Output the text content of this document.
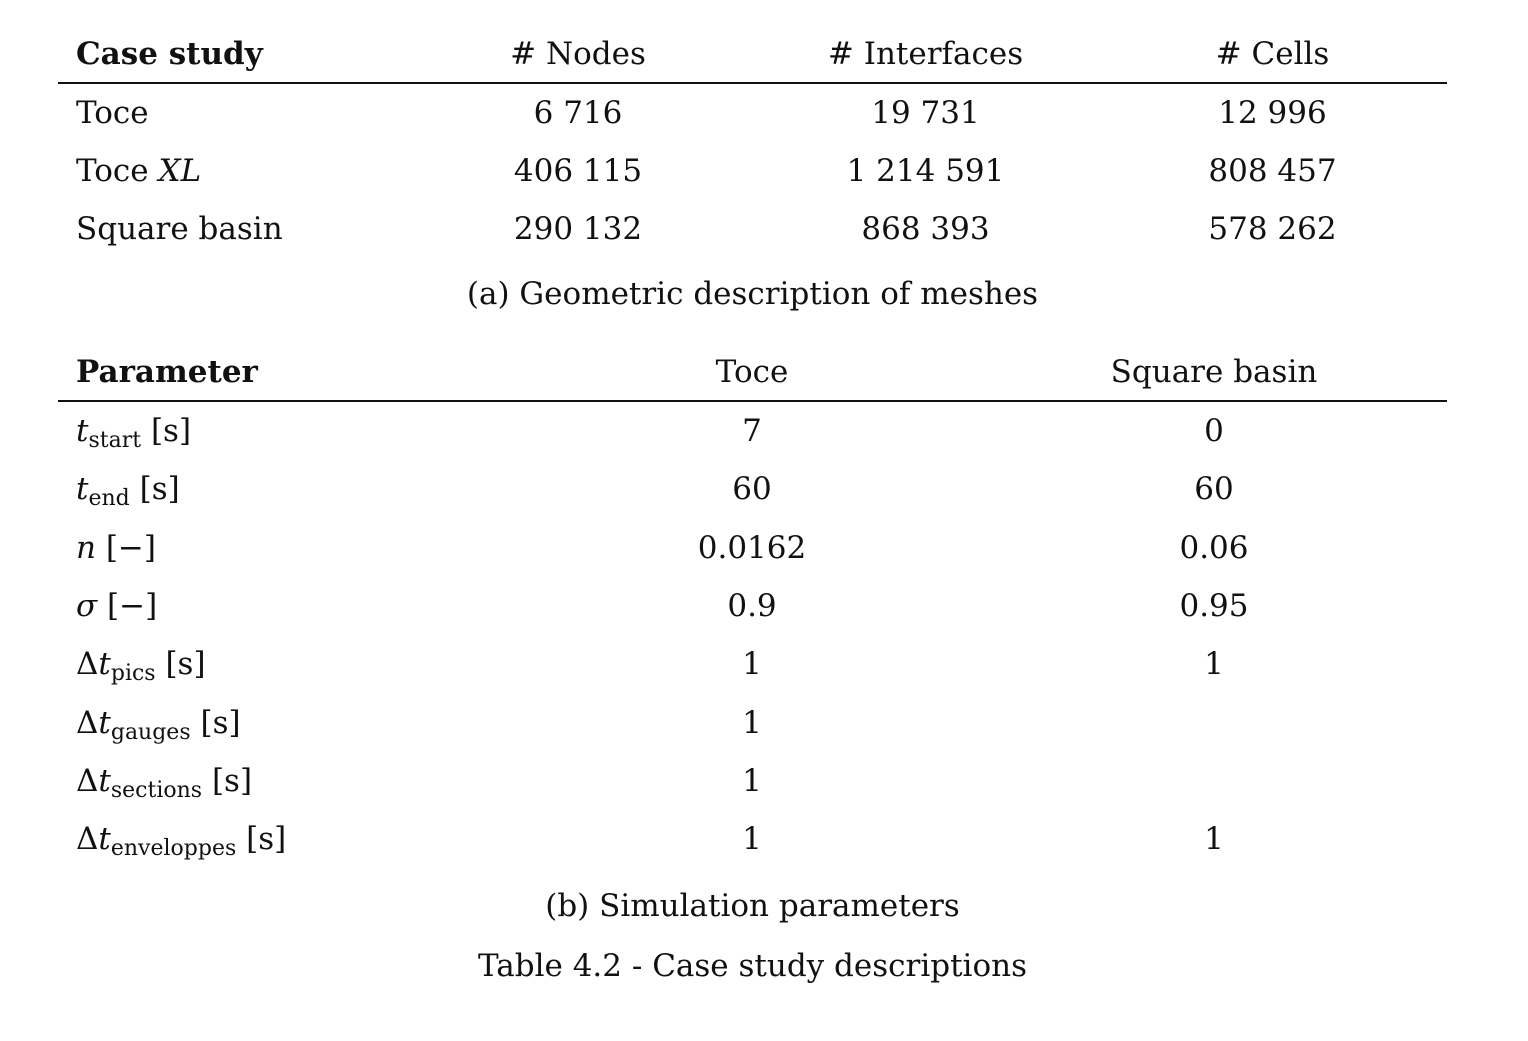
Case study	# Nodes	# Interfaces	# Cells
Toce	6 716	19 731	12 996
Toce XL	406 115	1 214 591	808 457
Square basin	290 132	868 393	578 262
(a) Geometric description of meshes
Parameter	Toce	Square basin
$t_{start}$ [s]	7	0
$t_{end}$ [s]	60	60
n [−]	0.0162	0.06
σ [−]	0.9	0.95
$\Delta t_{pics}$ [s]	1	1
$\Delta t_{gauges}$ [s]	1	
$\Delta t_{sections}$ [s]	1	
$\Delta t_{enveloppes}$ [s]	1	1
(b) Simulation parameters
Table 4.2 - Case study descriptions
